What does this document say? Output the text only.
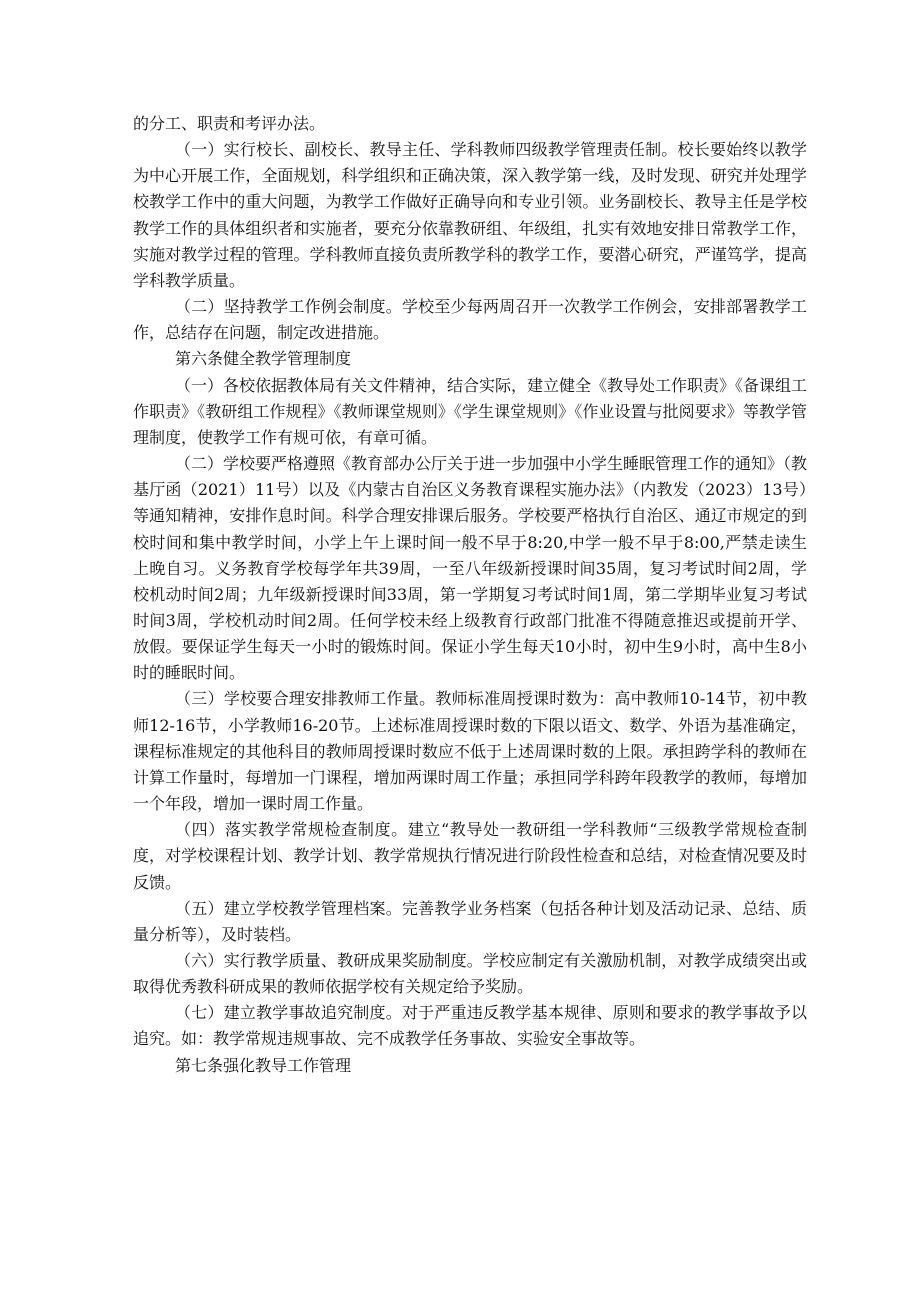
的分工、职责和考评办法。

（一）实行校长、副校长、教导主任、学科教师四级教学管理责任制。校长要始终以教学为中心开展工作，全面规划，科学组织和正确决策，深入教学第一线，及时发现、研究并处理学校教学工作中的重大问题，为教学工作做好正确导向和专业引领。业务副校长、教导主任是学校教学工作的具体组织者和实施者，要充分依靠教研组、年级组，扎实有效地安排日常教学工作，实施对教学过程的管理。学科教师直接负责所教学科的教学工作，要潜心研究，严谨笃学，提高学科教学质量。

（二）坚持教学工作例会制度。学校至少每两周召开一次教学工作例会，安排部署教学工作，总结存在问题，制定改进措施。

第六条健全教学管理制度

（一）各校依据教体局有关文件精神，结合实际，建立健全《教导处工作职责》《备课组工作职责》《教研组工作规程》《教师课堂规则》《学生课堂规则》《作业设置与批阅要求》等教学管理制度，使教学工作有规可依，有章可循。

（二）学校要严格遵照《教育部办公厅关于进一步加强中小学生睡眠管理工作的通知》（教基厅函（2021）11号）以及《内蒙古自治区义务教育课程实施办法》（内教发（2023）13号）等通知精神，安排作息时间。科学合理安排课后服务。学校要严格执行自治区、通辽市规定的到校时间和集中教学时间，小学上午上课时间一般不早于8:20,中学一般不早于8:00,严禁走读生上晚自习。义务教育学校每学年共39周，一至八年级新授课时间35周，复习考试时间2周，学校机动时间2周；九年级新授课时间33周，第一学期复习考试时间1周，第二学期毕业复习考试时间3周，学校机动时间2周。任何学校未经上级教育行政部门批准不得随意推迟或提前开学、放假。要保证学生每天一小时的锻炼时间。保证小学生每天10小时，初中生9小时，高中生8小时的睡眠时间。

（三）学校要合理安排教师工作量。教师标准周授课时数为：高中教师10-14节，初中教师12-16节，小学教师16-20节。上述标准周授课时数的下限以语文、数学、外语为基准确定，课程标准规定的其他科目的教师周授课时数应不低于上述周课时数的上限。承担跨学科的教师在计算工作量时，每增加一门课程，增加两课时周工作量；承担同学科跨年段教学的教师，每增加一个年段，增加一课时周工作量。

（四）落实教学常规检查制度。建立“教导处一教研组一学科教师“三级教学常规检查制度，对学校课程计划、教学计划、教学常规执行情况进行阶段性检查和总结，对检查情况要及时反馈。

（五）建立学校教学管理档案。完善教学业务档案（包括各种计划及活动记录、总结、质量分析等），及时装档。

（六）实行教学质量、教研成果奖励制度。学校应制定有关激励机制，对教学成绩突出或取得优秀教科研成果的教师依据学校有关规定给予奖励。

（七）建立教学事故追究制度。对于严重违反教学基本规律、原则和要求的教学事故予以追究。如：教学常规违规事故、完不成教学任务事故、实验安全事故等。

第七条强化教导工作管理
